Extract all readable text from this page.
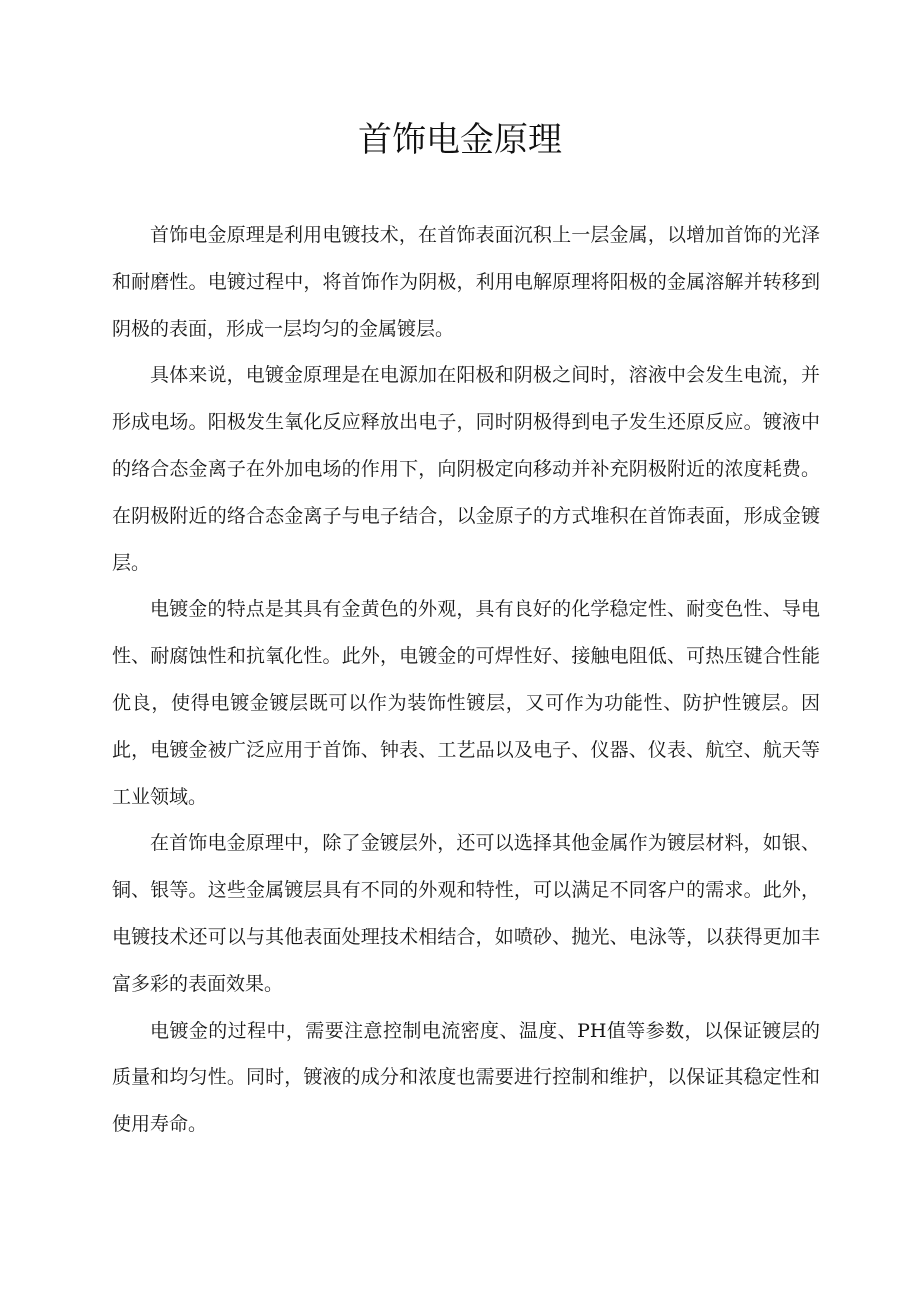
首饰电金原理

首饰电金原理是利用电镀技术，在首饰表面沉积上一层金属，以增加首饰的光泽和耐磨性。电镀过程中，将首饰作为阴极，利用电解原理将阳极的金属溶解并转移到阴极的表面，形成一层均匀的金属镀层。

具体来说，电镀金原理是在电源加在阳极和阴极之间时，溶液中会发生电流，并形成电场。阳极发生氧化反应释放出电子，同时阴极得到电子发生还原反应。镀液中的络合态金离子在外加电场的作用下，向阴极定向移动并补充阴极附近的浓度耗费。在阴极附近的络合态金离子与电子结合，以金原子的方式堆积在首饰表面，形成金镀层。

电镀金的特点是其具有金黄色的外观，具有良好的化学稳定性、耐变色性、导电性、耐腐蚀性和抗氧化性。此外，电镀金的可焊性好、接触电阻低、可热压键合性能优良，使得电镀金镀层既可以作为装饰性镀层，又可作为功能性、防护性镀层。因此，电镀金被广泛应用于首饰、钟表、工艺品以及电子、仪器、仪表、航空、航天等工业领域。

在首饰电金原理中，除了金镀层外，还可以选择其他金属作为镀层材料，如银、铜、银等。这些金属镀层具有不同的外观和特性，可以满足不同客户的需求。此外，电镀技术还可以与其他表面处理技术相结合，如喷砂、抛光、电泳等，以获得更加丰富多彩的表面效果。

电镀金的过程中，需要注意控制电流密度、温度、PH值等参数，以保证镀层的质量和均匀性。同时，镀液的成分和浓度也需要进行控制和维护，以保证其稳定性和使用寿命。
